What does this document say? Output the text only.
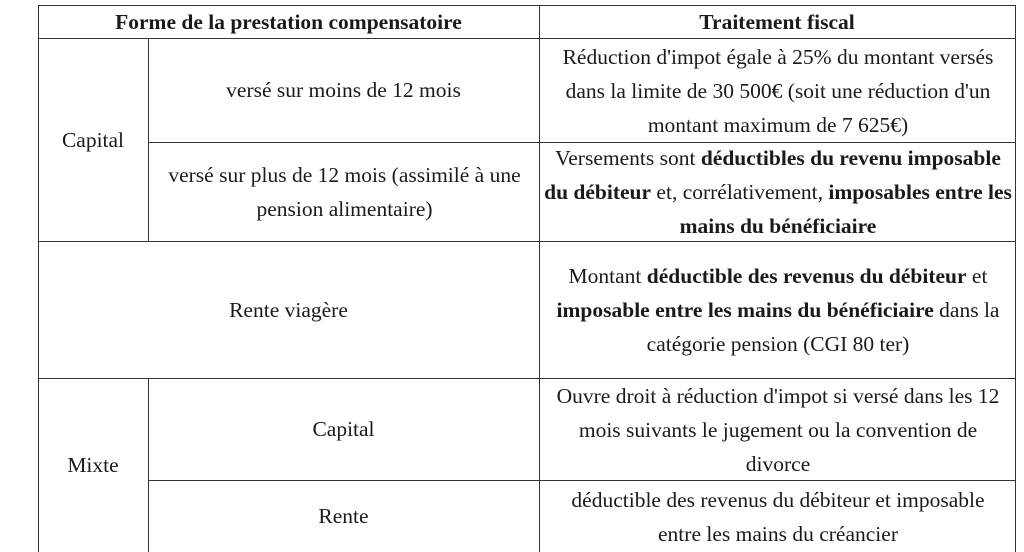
Forme de la prestation compensatoire	Traitement fiscal
Capital
versé sur moins de 12 mois
Réduction d'impot égale à 25% du montant versés dans la limite de 30 500€ (soit une réduction d'un montant maximum de 7 625€)
versé sur plus de 12 mois (assimilé à une pension alimentaire)

Versements sont déductibles du revenu imposable du débiteur et, corrélativement, imposables entre les mains du bénéficiaire

Rente viagère

Montant déductible des revenus du débiteur et imposable entre les mains du bénéficiaire dans la catégorie pension (CGI 80 ter)

Mixte
Capital
Ouvre droit à réduction d'impot si versé dans les 12 mois suivants le jugement ou la convention de divorce
Rente
déductible des revenus du débiteur et imposable entre les mains du créancier
